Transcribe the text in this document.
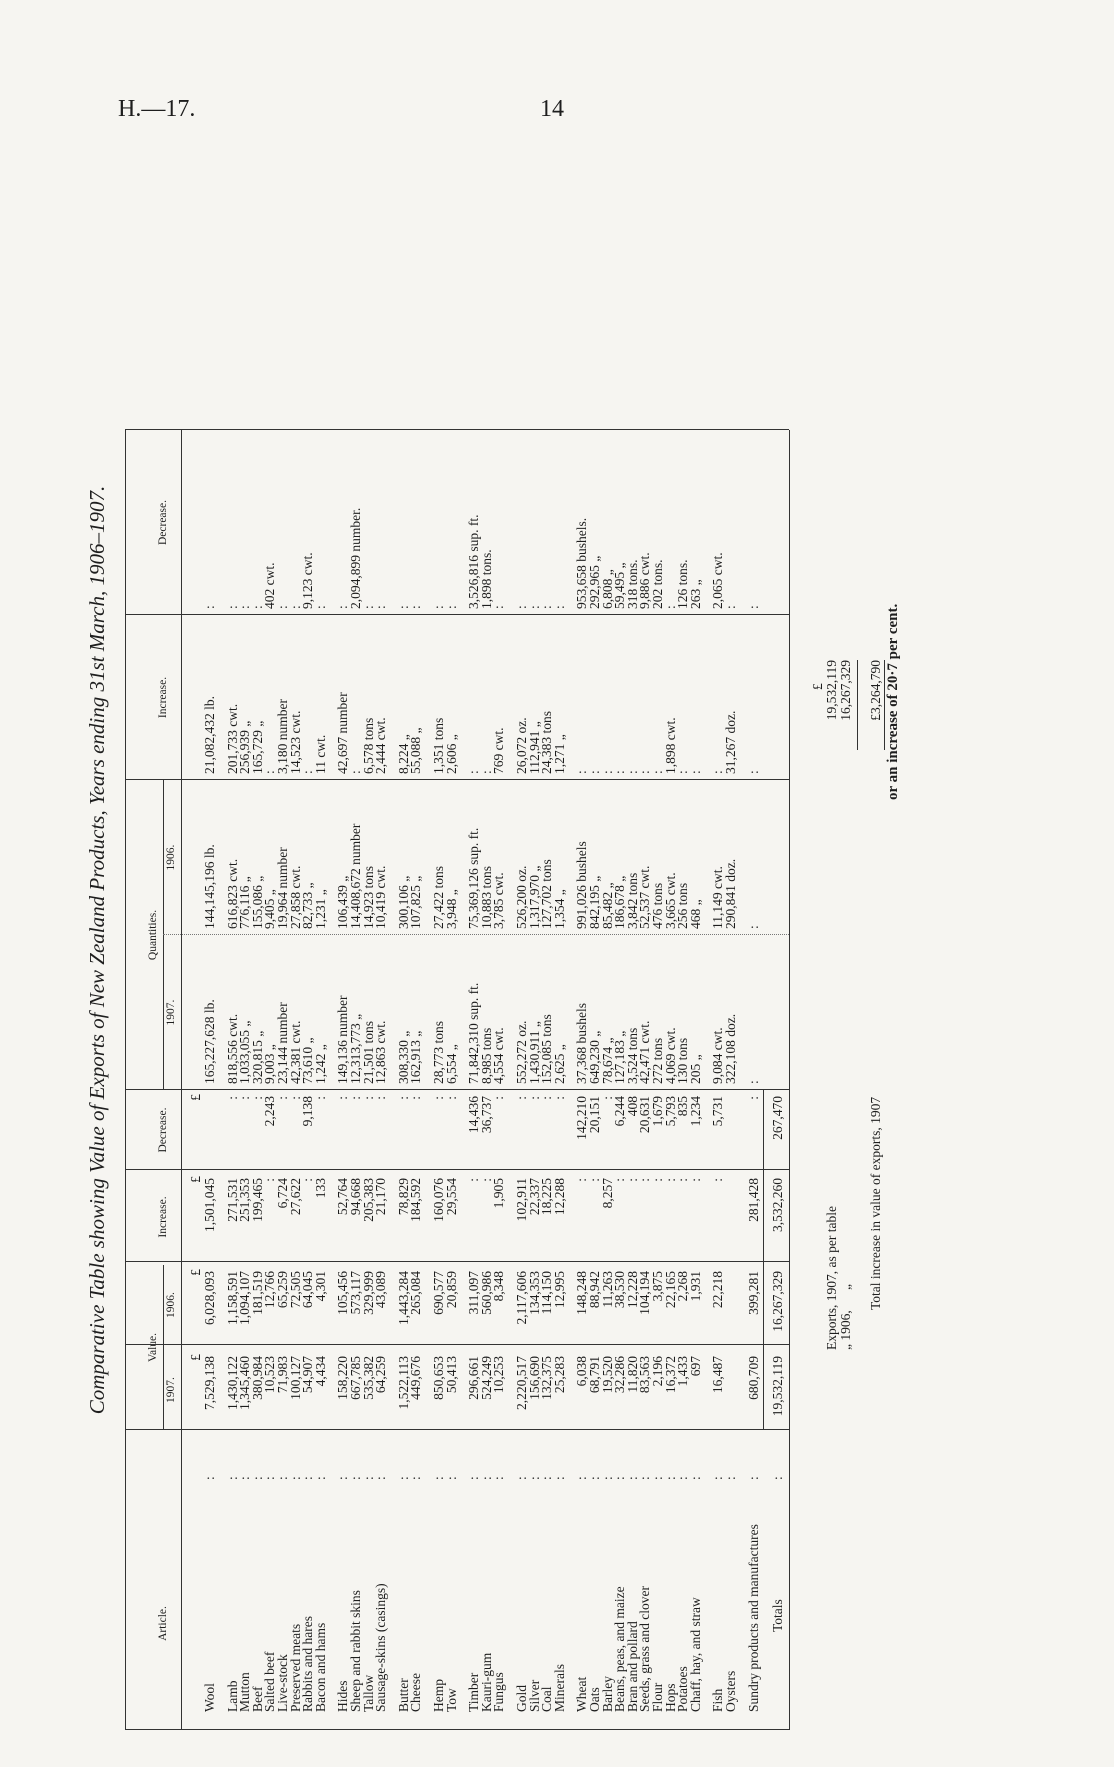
H.—17.	14
Comparative Table showing Value of Exports of New Zealand Products, Years ending 31st March, 1906–1907.
Article.
Value.
1907.
1906.
Increase.
Decrease.
Quantities.
1907.
1906.
Increase.
Decrease.
£
£
£
£
Wool
:
7,529,138
6,028,093
1,501,045
165,227,628 lb.
144,145,196 lb.
21,082,432 lb.
:
Lamb
:
1,430,122
1,158,591
271,531
:
818,556 cwt.
616,823 cwt.
201,733 cwt.
:
Mutton
:
1,345,460
1,094,107
251,353
:
1,033,055 „
776,116 „
256,939 „
:
Beef
:
380,984
181,519
199,465
:
320,815 „
155,086 „
165,729 „
:
Salted beef
:
10,523
12,766
:
2,243
9,003 „
9,405 „
:
402 cwt.
Live-stock
:
71,983
65,259
6,724
:
23,144 number
19,964 number
3,180 number
:
Preserved meats
:
100,127
72,505
27,622
:
42,381 cwt.
27,858 cwt.
14,523 cwt.
:
Rabbits and hares
:
54,907
64,045
:
9,138
73,610 „
82,733 „
:
9,123 cwt.
Bacon and hams
:
4,434
4,301
133
:
1,242 „
1,231 „
11 cwt.
:
Hides
:
158,220
105,456
52,764
:
149,136 number
106,439 „
42,697 number
:
Sheep and rabbit skins
:
667,785
573,117
94,668
:
12,313,773 „
14,408,672 number
:
2,094,899 number.
Tallow
:
535,382
329,999
205,383
:
21,501 tons
14,923 tons
6,578 tons
:
Sausage-skins (casings)
:
64,259
43,089
21,170
:
12,863 cwt.
10,419 cwt.
2,444 cwt.
:
Butter
:
1,522,113
1,443,284
78,829
:
308,330 „
300,106 „
8,224 „
:
Cheese
:
449,676
265,084
184,592
:
162,913 „
107,825 „
55,088 „
:
Hemp
:
850,653
690,577
160,076
:
28,773 tons
27,422 tons
1,351 tons
:
Tow
:
50,413
20,859
29,554
:
6,554 „
3,948 „
2,606 „
:
Timber
:
296,661
311,097
:
14,436
71,842,310 sup. ft.
75,369,126 sup. ft.
:
3,526,816 sup. ft.
Kauri-gum
:
524,249
560,986
:
36,737
8,985 tons
10,883 tons
:
1,898 tons.
Fungus
:
10,253
8,348
1,905
:
4,554 cwt.
3,785 cwt.
769 cwt.
:
Gold
:
2,220,517
2,117,606
102,911
:
552,272 oz.
526,200 oz.
26,072 oz.
:
Silver
:
156,690
134,353
22,337
:
1,430,911 „
1,317,970 „
112,941 „
:
Coal
:
132,375
114,150
18,225
:
152,085 tons
127,702 tons
24,383 tons
:
Minerals
:
25,283
12,995
12,288
:
2,625 „
1,354 „
1,271 „
:
Wheat
:
6,038
148,248
:
142,210
37,368 bushels
991,026 bushels
:
953,658 bushels.
Oats
:
68,791
88,942
:
20,151
649,230 „
842,195 „
:
292,965 „
Barley
:
19,520
11,263
8,257
:
78,674 „
85,482 „
:
6,808 „
Beans, peas, and maize
:
32,286
38,530
:
6,244
127,183 „
186,678 „
:
59,495 „
Bran and pollard
:
11,820
12,228
:
408
3,524 tons
3,842 tons
:
318 tons.
Seeds, grass and clover
:
83,563
104,194
:
20,631
42,471 cwt.
52,537 cwt.
:
9,886 cwt.
Flour
:
2,196
3,875
:
1,679
272 tons
476 tons
:
202 tons.
Hops
:
16,372
22,165
:
5,793
4,069 cwt.
3,665 cwt.
1,898 cwt.
:
Potatoes
:
1,433
2,268
:
835
130 tons
256 tons
:
126 tons.
Chaff, hay, and straw
:
697
1,931
:
1,234
205 „
468 „
:
263 „
Fish
:
16,487
22,218
:
5,731
9,084 cwt.
11,149 cwt.
:
2,065 cwt.
Oysters
:
322,108 doz.
290,841 doz.
31,267 doz.
:
Sundry products and manufactures
:
680,709
399,281
281,428
:
:
:
:
:
Totals
:
19,532,119
16,267,329
3,532,260
267,470
Exports, 1907, as per table „ 1906,      „
Total increase in value of exports, 1907
£ 19,532,119 16,267,329 £3,264,790 or an increase of 20·7 per cent.
